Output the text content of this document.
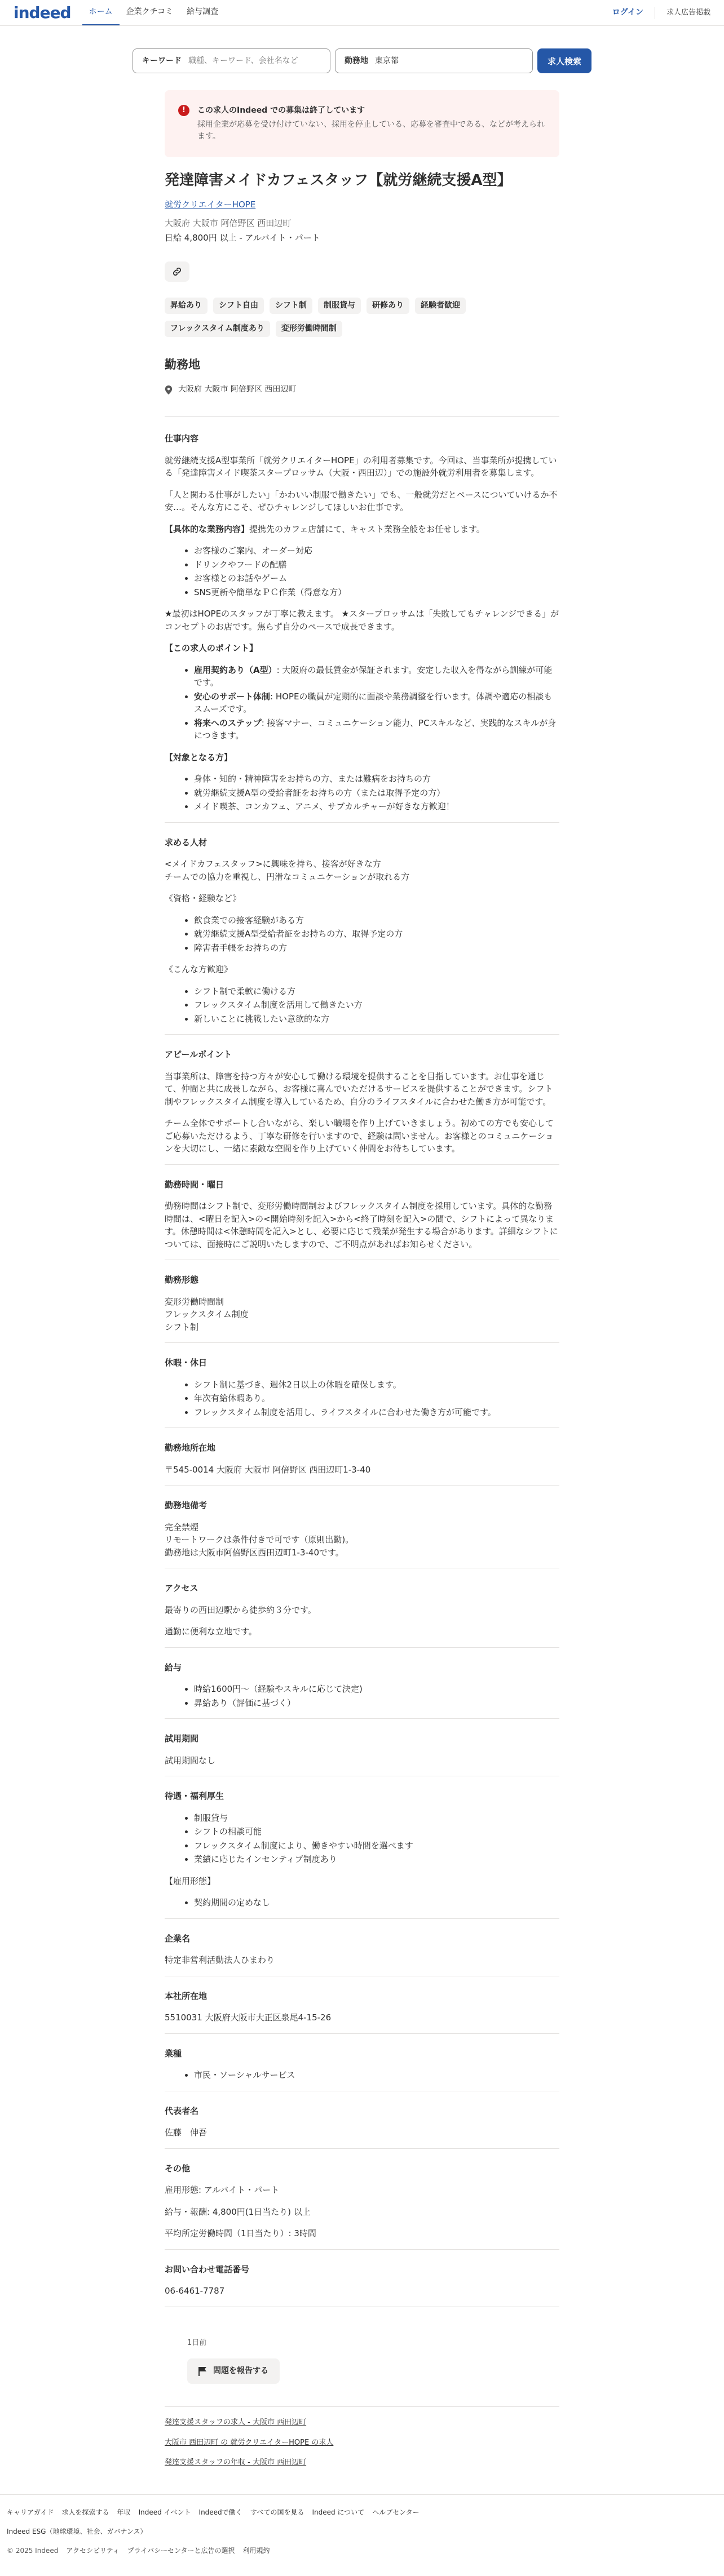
indeed	ホーム	企業クチコミ	給与調査	ログイン	求人広告掲載
キーワード 職種、キーワード、会社名など	勤務地 東京都	求人検索
!	この求人のIndeed での募集は終了しています
採用企業が応募を受け付けていない、採用を停止している、応募を審査中である、などが考えられます。
発達障害メイドカフェスタッフ【就労継続支援A型】
就労クリエイターHOPE
大阪府 大阪市 阿倍野区 西田辺町
日給 4,800円 以上 - アルバイト・パート
昇給あり	シフト自由	シフト制	制服貸与	研修あり	経験者歓迎
フレックスタイム制度あり	変形労働時間制
勤務地
大阪府 大阪市 阿倍野区 西田辺町
仕事内容

就労継続支援A型事業所「就労クリエイターHOPE」の利用者募集です。今回は、当事業所が提携している「発達障害メイド喫茶スタープロッサム（大阪・西田辺）」での施設外就労利用者を募集します。

「人と関わる仕事がしたい」「かわいい制服で働きたい」でも、一般就労だとペースについていけるか不安…。そんな方にこそ、ぜひチャレンジしてほしいお仕事です。

【具体的な業務内容】提携先のカフェ店舗にて、キャスト業務全般をお任せします。

• お客様のご案内、オーダー対応
• ドリンクやフードの配膳
• お客様とのお話やゲーム
• SNS更新や簡単なＰＣ作業（得意な方）

★最初はHOPEのスタッフが丁寧に教えます。 ★スタープロッサムは「失敗してもチャレンジできる」がコンセプトのお店です。焦らず自分のペースで成長できます。

【この求人のポイント】

• 雇用契約あり（A型）: 大阪府の最低賃金が保証されます。安定した収入を得ながら訓練が可能です。
• 安心のサポート体制: HOPEの職員が定期的に面談や業務調整を行います。体調や適応の相談もスムーズです。
• 将来へのステップ: 接客マナー、コミュニケーション能力、PCスキルなど、実践的なスキルが身につきます。

【対象となる方】

• 身体・知的・精神障害をお持ちの方、または難病をお持ちの方
• 就労継続支援A型の受給者証をお持ちの方（または取得予定の方）
• メイド喫茶、コンカフェ、アニメ、サブカルチャーが好きな方歓迎！
求める人材

<メイドカフェスタッフ>に興味を持ち、接客が好きな方
チームでの協力を重視し、円滑なコミュニケーションが取れる方

《資格・経験など》

• 飲食業での接客経験がある方
• 就労継続支援A型受給者証をお持ちの方、取得予定の方
• 障害者手帳をお持ちの方

《こんな方歓迎》

• シフト制で柔軟に働ける方
• フレックスタイム制度を活用して働きたい方
• 新しいことに挑戦したい意欲的な方
アピールポイント

当事業所は、障害を持つ方々が安心して働ける環境を提供することを目指しています。お仕事を通じて、仲間と共に成長しながら、お客様に喜んでいただけるサービスを提供することができます。シフト制やフレックスタイム制度を導入しているため、自分のライフスタイルに合わせた働き方が可能です。

チーム全体でサポートし合いながら、楽しい職場を作り上げていきましょう。初めての方でも安心してご応募いただけるよう、丁寧な研修を行いますので、経験は問いません。お客様とのコミュニケーションを大切にし、一緒に素敵な空間を作り上げていく仲間をお待ちしています。

勤務時間・曜日

勤務時間はシフト制で、変形労働時間制およびフレックスタイム制度を採用しています。具体的な勤務時間は、<曜日を記入>の<開始時刻を記入>から<終了時刻を記入>の間で、シフトによって異なります。休憩時間は<休憩時間を記入>とし、必要に応じて残業が発生する場合があります。詳細なシフトについては、面接時にご説明いたしますので、ご不明点があればお知らせください。

勤務形態

変形労働時間制
フレックスタイム制度
シフト制

休暇・休日
• シフト制に基づき、週休2日以上の休暇を確保します。
• 年次有給休暇あり。
• フレックスタイム制度を活用し、ライフスタイルに合わせた働き方が可能です。
勤務地所在地

〒545-0014 大阪府 大阪市 阿倍野区 西田辺町1-3-40

勤務地備考

完全禁煙
リモートワークは条件付きで可です（原則出勤)。
勤務地は大阪市阿倍野区西田辺町1-3-40です。

アクセス

最寄りの西田辺駅から徒歩約３分です。

通勤に便利な立地です。

給与
• 時給1600円〜（経験やスキルに応じて決定)
• 昇給あり（評価に基づく）
試用期間

試用期間なし

待遇・福利厚生
• 制服貸与
• シフトの相談可能
• フレックスタイム制度により、働きやすい時間を選べます
• 業績に応じたインセンティブ制度あり

【雇用形態】

• 契約期間の定めなし
企業名

特定非営利活動法人ひまわり

本社所在地

5510031 大阪府大阪市大正区泉尾4-15-26

業種
• 市民・ソーシャルサービス
代表者名

佐藤　伸吾

その他

雇用形態: アルバイト・パート

給与・報酬: 4,800円(1日当たり) 以上

平均所定労働時間（1日当たり）: 3時間

お問い合わせ電話番号

06-6461-7787

1日前
問題を報告する
発達支援スタッフの求人 - 大阪市 西田辺町
大阪市 西田辺町 の 就労クリエイターHOPE の求人
発達支援スタッフの年収 - 大阪市 西田辺町
キャリアガイド 求人を探索する 年収 Indeed イベント Indeedで働く すべての国を見る Indeed について ヘルプセンター
Indeed ESG（地球環境、社会、ガバナンス）
© 2025 Indeed アクセシビリティ プライバシーセンターと広告の選択 利用規約
